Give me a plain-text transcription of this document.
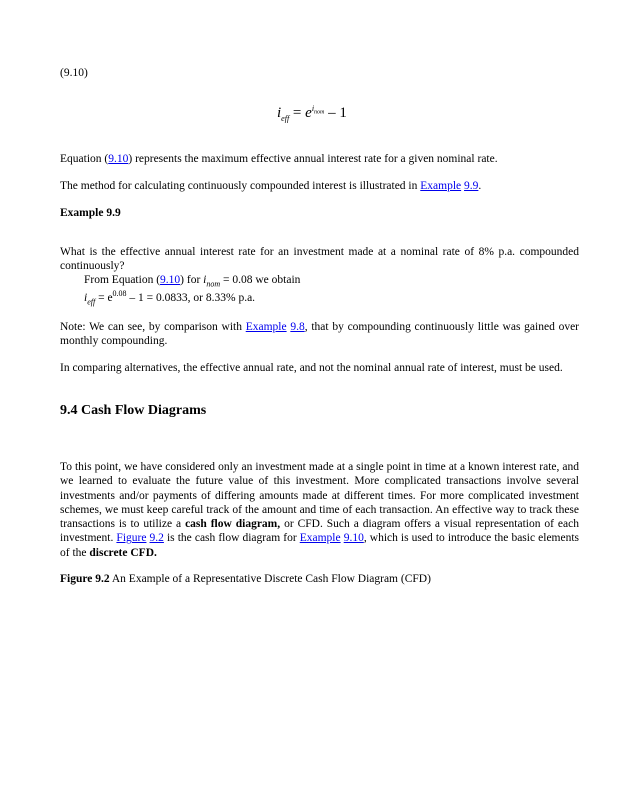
(9.10)
$i_{eff} = e^{i_{nom}} - 1$
Equation (9.10) represents the maximum effective annual interest rate for a given nominal rate.
The method for calculating continuously compounded interest is illustrated in Example 9.9.
Example 9.9
What is the effective annual interest rate for an investment made at a nominal rate of 8% p.a. compounded continuously?
From Equation (9.10) for $i_{nom} = 0.08$ we obtain
$i_{eff} = e^{0.08} - 1 = 0.0833$, or 8.33% p.a.
Note: We can see, by comparison with Example 9.8, that by compounding continuously little was gained over monthly compounding.
In comparing alternatives, the effective annual rate, and not the nominal annual rate of interest, must be used.
9.4 Cash Flow Diagrams
To this point, we have considered only an investment made at a single point in time at a known interest rate, and we learned to evaluate the future value of this investment. More complicated transactions involve several investments and/or payments of differing amounts made at different times. For more complicated investment schemes, we must keep careful track of the amount and time of each transaction. An effective way to track these transactions is to utilize a cash flow diagram, or CFD. Such a diagram offers a visual representation of each investment. Figure 9.2 is the cash flow diagram for Example 9.10, which is used to introduce the basic elements of the discrete CFD.
Figure 9.2 An Example of a Representative Discrete Cash Flow Diagram (CFD)
